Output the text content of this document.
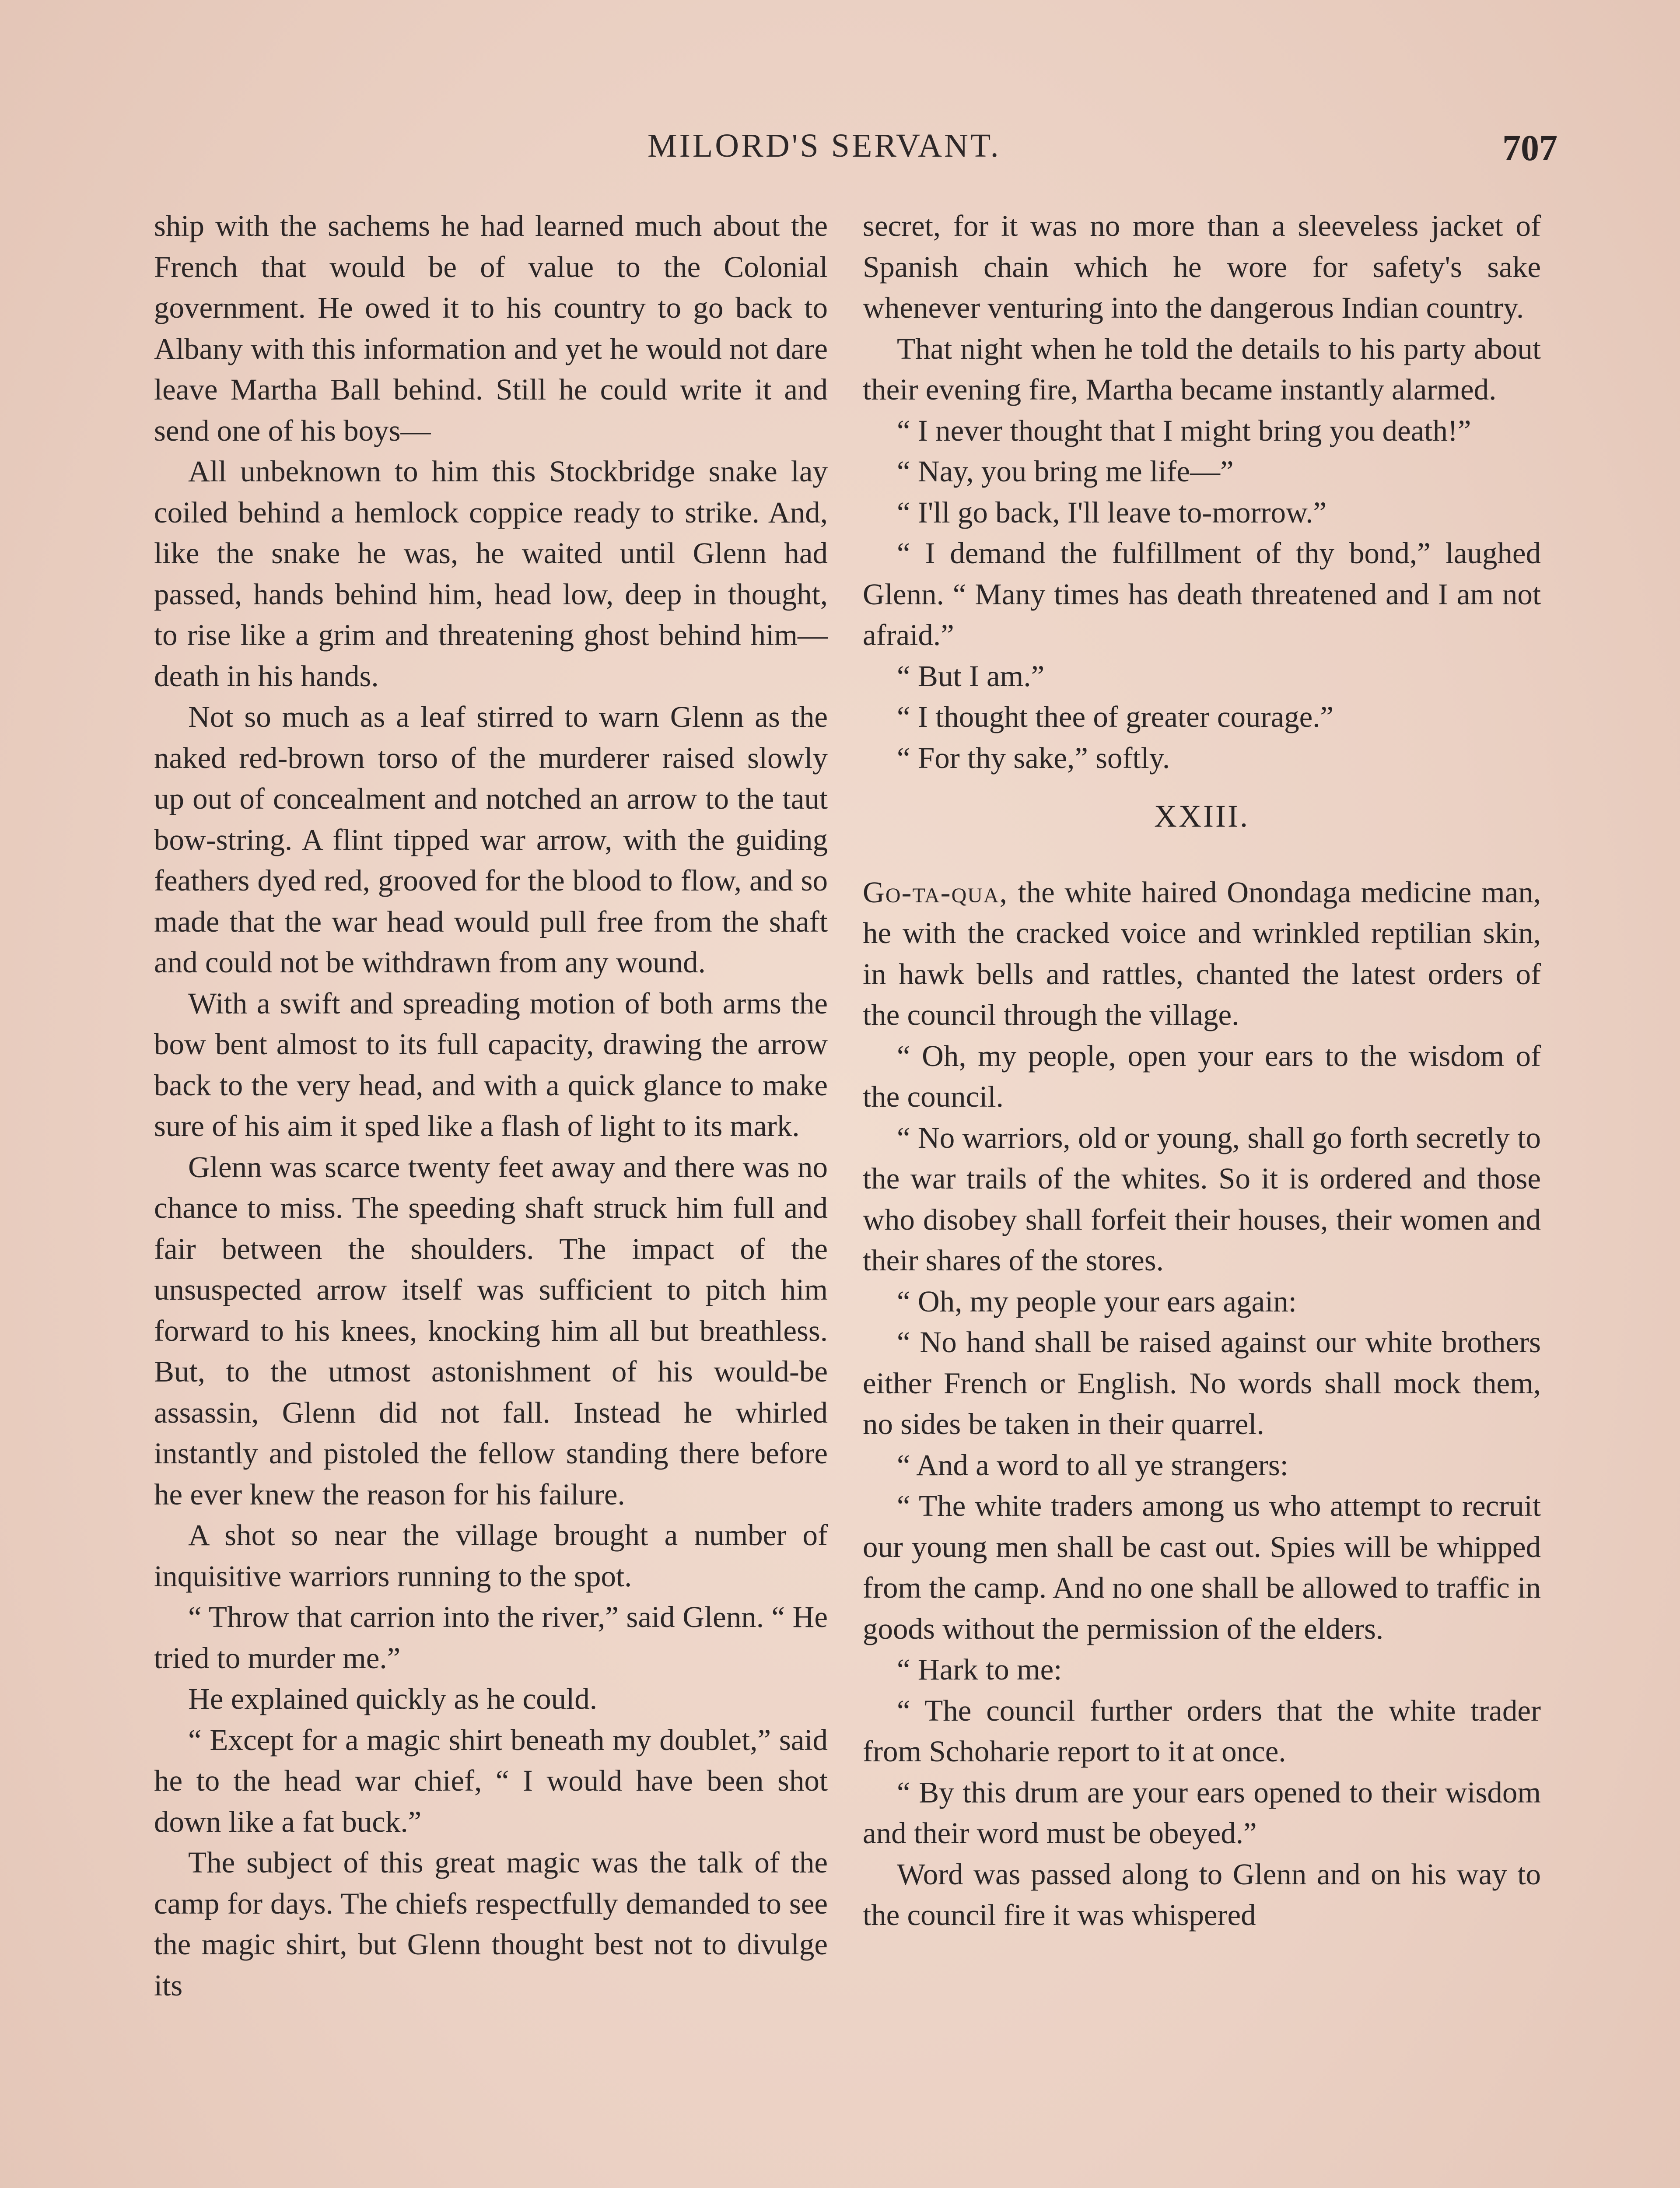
MILORD'S SERVANT.	707

ship with the sachems he had learned much about the French that would be of value to the Colonial government. He owed it to his country to go back to Albany with this information and yet he would not dare leave Martha Ball behind. Still he could write it and send one of his boys—

All unbeknown to him this Stockbridge snake lay coiled behind a hemlock coppice ready to strike. And, like the snake he was, he waited until Glenn had passed, hands behind him, head low, deep in thought, to rise like a grim and threatening ghost behind him—death in his hands.

Not so much as a leaf stirred to warn Glenn as the naked red-brown torso of the murderer raised slowly up out of concealment and notched an arrow to the taut bow-string. A flint tipped war arrow, with the guiding feathers dyed red, grooved for the blood to flow, and so made that the war head would pull free from the shaft and could not be withdrawn from any wound.

With a swift and spreading motion of both arms the bow bent almost to its full capacity, drawing the arrow back to the very head, and with a quick glance to make sure of his aim it sped like a flash of light to its mark.

Glenn was scarce twenty feet away and there was no chance to miss. The speeding shaft struck him full and fair between the shoulders. The impact of the unsuspected arrow itself was sufficient to pitch him forward to his knees, knocking him all but breathless. But, to the utmost astonishment of his would-be assassin, Glenn did not fall. Instead he whirled instantly and pistoled the fellow standing there before he ever knew the reason for his failure.

A shot so near the village brought a number of inquisitive warriors running to the spot.

“ Throw that carrion into the river,” said Glenn. “ He tried to murder me.”

He explained quickly as he could.

“ Except for a magic shirt beneath my doublet,” said he to the head war chief, “ I would have been shot down like a fat buck.”

The subject of this great magic was the talk of the camp for days. The chiefs respectfully demanded to see the magic shirt, but Glenn thought best not to divulge its

secret, for it was no more than a sleeveless jacket of Spanish chain which he wore for safety's sake whenever venturing into the dangerous Indian country.

That night when he told the details to his party about their evening fire, Martha became instantly alarmed.

“ I never thought that I might bring you death!”

“ Nay, you bring me life—”

“ I'll go back, I'll leave to-morrow.”

“ I demand the fulfillment of thy bond,” laughed Glenn. “ Many times has death threatened and I am not afraid.”

“ But I am.”

“ I thought thee of greater courage.”

“ For thy sake,” softly.

XXIII.

Go-ta-qua, the white haired Onondaga medicine man, he with the cracked voice and wrinkled reptilian skin, in hawk bells and rattles, chanted the latest orders of the council through the village.

“ Oh, my people, open your ears to the wisdom of the council.

“ No warriors, old or young, shall go forth secretly to the war trails of the whites. So it is ordered and those who disobey shall forfeit their houses, their women and their shares of the stores.

“ Oh, my people your ears again:

“ No hand shall be raised against our white brothers either French or English. No words shall mock them, no sides be taken in their quarrel.

“ And a word to all ye strangers:

“ The white traders among us who attempt to recruit our young men shall be cast out. Spies will be whipped from the camp. And no one shall be allowed to traffic in goods without the permission of the elders.

“ Hark to me:

“ The council further orders that the white trader from Schoharie report to it at once.

“ By this drum are your ears opened to their wisdom and their word must be obeyed.”

Word was passed along to Glenn and on his way to the council fire it was whispered
